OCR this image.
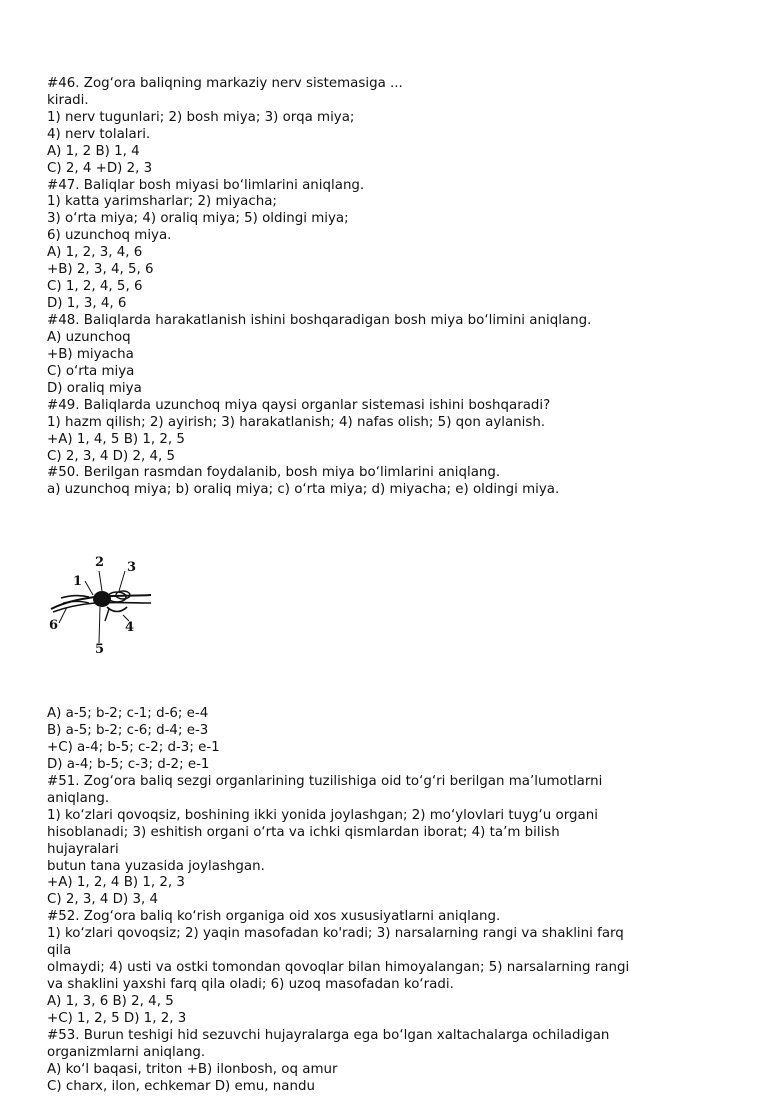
#46. Zog‘ora baliqning markaziy nerv sistemasiga ...
kiradi.
1) nerv tugunlari; 2) bosh miya; 3) orqa miya;
4) nerv tolalari.
A) 1, 2 B) 1, 4
C) 2, 4 +D) 2, 3
#47. Baliqlar bosh miyasi bo‘limlarini aniqlang.
1) katta yarimsharlar; 2) miyacha;
3) o‘rta miya; 4) oraliq miya; 5) oldingi miya;
6) uzunchoq miya.
A) 1, 2, 3, 4, 6
+B) 2, 3, 4, 5, 6
C) 1, 2, 4, 5, 6
D) 1, 3, 4, 6
#48. Baliqlarda harakatlanish ishini boshqaradigan bosh miya bo‘limini aniqlang.
A) uzunchoq
+B) miyacha
C) o‘rta miya
D) oraliq miya
#49. Baliqlarda uzunchoq miya qaysi organlar sistemasi ishini boshqaradi?
1) hazm qilish; 2) ayirish; 3) harakatlanish; 4) nafas olish; 5) qon aylanish.
+A) 1, 4, 5 B) 1, 2, 5
C) 2, 3, 4 D) 2, 4, 5
#50. Berilgan rasmdan foydalanib, bosh miya bo‘limlarini aniqlang.
a) uzunchoq miya; b) oraliq miya; c) o‘rta miya; d) miyacha; e) oldingi miya.

1
2 3
4
5
6

A) a-5; b-2; c-1; d-6; e-4
B) a-5; b-2; c-6; d-4; e-3
+C) a-4; b-5; c-2; d-3; e-1
D) a-4; b-5; c-3; d-2; e-1
#51. Zog‘ora baliq sezgi organlarining tuzilishiga oid to‘g‘ri berilgan ma’lumotlarni
aniqlang.
1) ko‘zlari qovoqsiz, boshining ikki yonida joylashgan; 2) mo‘ylovlari tuyg‘u organi
hisoblanadi; 3) eshitish organi o‘rta va ichki qismlardan iborat; 4) ta’m bilish
hujayralari
butun tana yuzasida joylashgan.
+A) 1, 2, 4 B) 1, 2, 3
C) 2, 3, 4 D) 3, 4
#52. Zog‘ora baliq ko‘rish organiga oid xos xususiyatlarni aniqlang.
1) ko‘zlari qovoqsiz; 2) yaqin masofadan ko'radi; 3) narsalarning rangi va shaklini farq
qila
olmaydi; 4) usti va ostki tomondan qovoqlar bilan himoyalangan; 5) narsalarning rangi
va shaklini yaxshi farq qila oladi; 6) uzoq masofadan ko‘radi.
A) 1, 3, 6 B) 2, 4, 5
+C) 1, 2, 5 D) 1, 2, 3
#53. Burun teshigi hid sezuvchi hujayralarga ega bo‘lgan xaltachalarga ochiladigan
organizmlarni aniqlang.
A) ko‘l baqasi, triton +B) ilonbosh, oq amur
C) charx, ilon, echkemar D) emu, nandu
